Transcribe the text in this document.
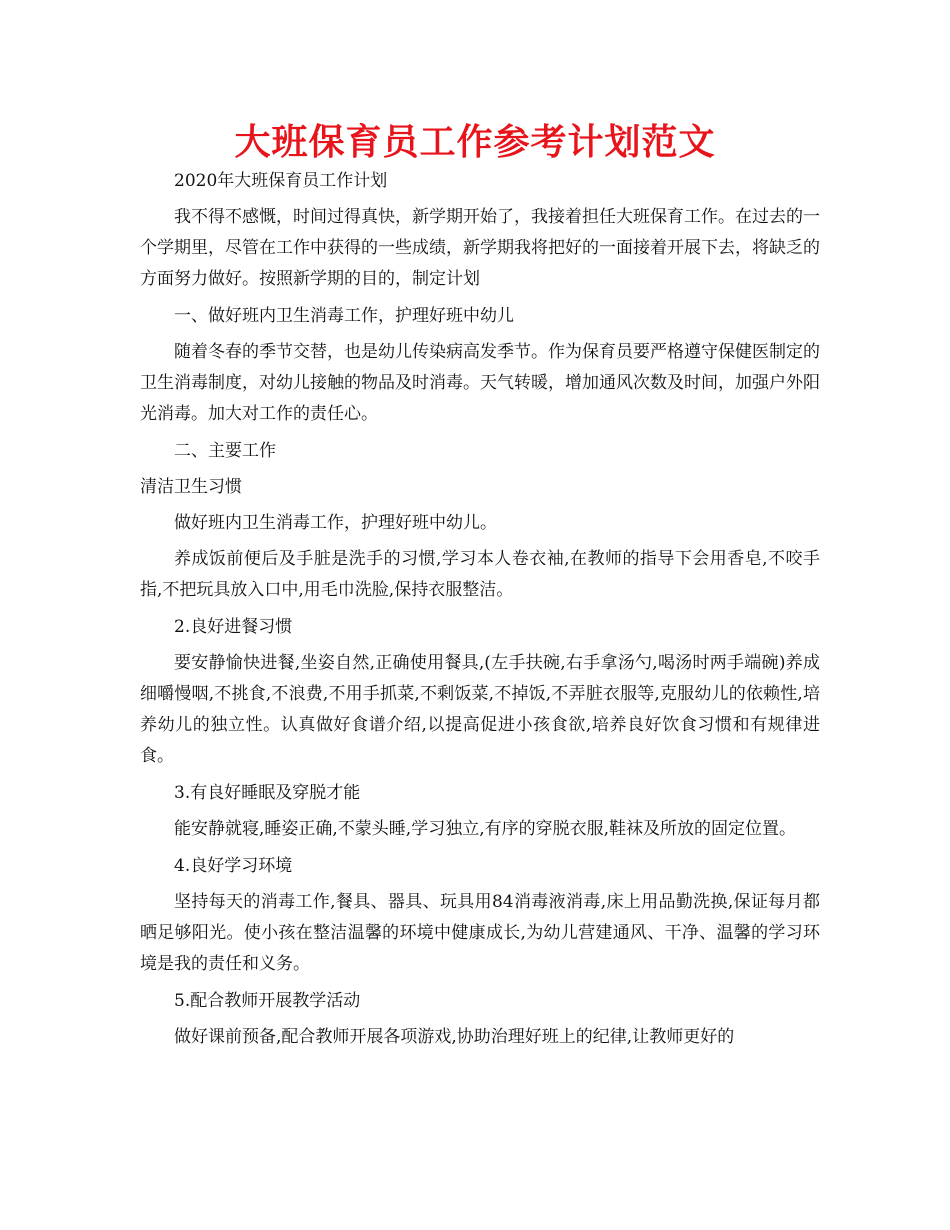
大班保育员工作参考计划范文

2020年大班保育员工作计划

我不得不感慨，时间过得真快，新学期开始了，我接着担任大班保育工作。在过去的一个学期里，尽管在工作中获得的一些成绩，新学期我将把好的一面接着开展下去，将缺乏的方面努力做好。按照新学期的目的，制定计划

一、做好班内卫生消毒工作，护理好班中幼儿

随着冬春的季节交替，也是幼儿传染病高发季节。作为保育员要严格遵守保健医制定的卫生消毒制度，对幼儿接触的物品及时消毒。天气转暖，增加通风次数及时间，加强户外阳光消毒。加大对工作的责任心。

二、主要工作

清洁卫生习惯

做好班内卫生消毒工作，护理好班中幼儿。

养成饭前便后及手脏是洗手的习惯,学习本人卷衣袖,在教师的指导下会用香皂,不咬手指,不把玩具放入口中,用毛巾洗脸,保持衣服整洁。

2.良好进餐习惯

要安静愉快进餐,坐姿自然,正确使用餐具,(左手扶碗,右手拿汤勺,喝汤时两手端碗)养成细嚼慢咽,不挑食,不浪费,不用手抓菜,不剩饭菜,不掉饭,不弄脏衣服等,克服幼儿的依赖性,培养幼儿的独立性。认真做好食谱介绍,以提高促进小孩食欲,培养良好饮食习惯和有规律进食。

3.有良好睡眠及穿脱才能

能安静就寝,睡姿正确,不蒙头睡,学习独立,有序的穿脱衣服,鞋袜及所放的固定位置。

4.良好学习环境

坚持每天的消毒工作,餐具、器具、玩具用84消毒液消毒,床上用品勤洗换,保证每月都晒足够阳光。使小孩在整洁温馨的环境中健康成长,为幼儿营建通风、干净、温馨的学习环境是我的责任和义务。

5.配合教师开展教学活动

做好课前预备,配合教师开展各项游戏,协助治理好班上的纪律,让教师更好的
